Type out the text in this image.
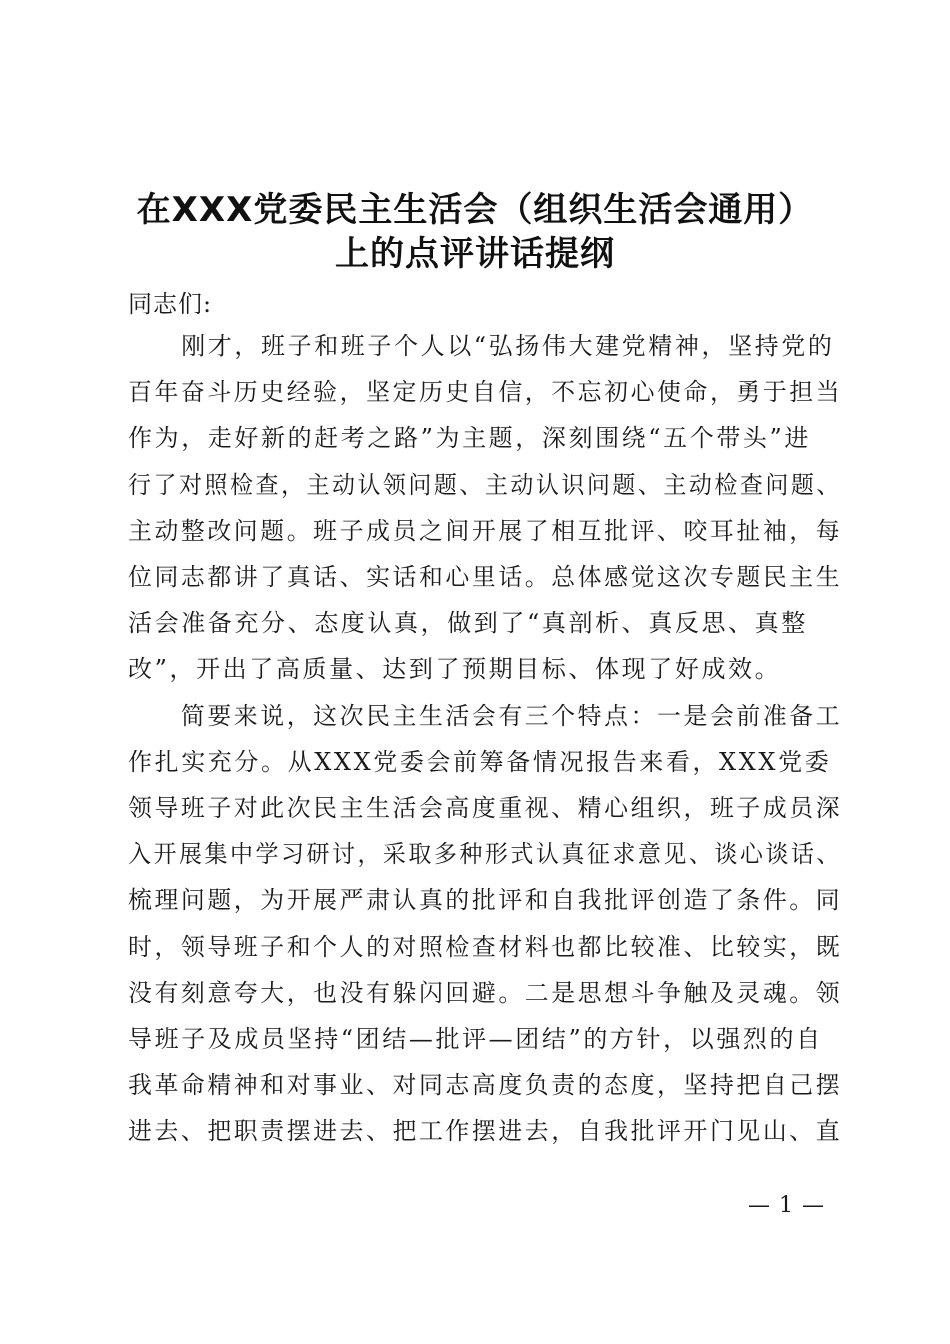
在XXX党委民主生活会（组织生活会通用）
上的点评讲话提纲
同志们:
　　刚才，班子和班子个人以“弘扬伟大建党精神，坚持党的
百年奋斗历史经验，坚定历史自信，不忘初心使命，勇于担当
作为，走好新的赶考之路”为主题，深刻围绕“五个带头”进
行了对照检查，主动认领问题、主动认识问题、主动检查问题、
主动整改问题。班子成员之间开展了相互批评、咬耳扯袖，每
位同志都讲了真话、实话和心里话。总体感觉这次专题民主生
活会准备充分、态度认真，做到了“真剖析、真反思、真整
改”，开出了高质量、达到了预期目标、体现了好成效。
　　简要来说，这次民主生活会有三个特点：一是会前准备工
作扎实充分。从XXX党委会前筹备情况报告来看，XXX党委
领导班子对此次民主生活会高度重视、精心组织，班子成员深
入开展集中学习研讨，采取多种形式认真征求意见、谈心谈话、
梳理问题，为开展严肃认真的批评和自我批评创造了条件。同
时，领导班子和个人的对照检查材料也都比较准、比较实，既
没有刻意夸大，也没有躲闪回避。二是思想斗争触及灵魂。领
导班子及成员坚持“团结—批评—团结”的方针，以强烈的自
我革命精神和对事业、对同志高度负责的态度，坚持把自己摆
进去、把职责摆进去、把工作摆进去，自我批评开门见山、直
— 1 —
